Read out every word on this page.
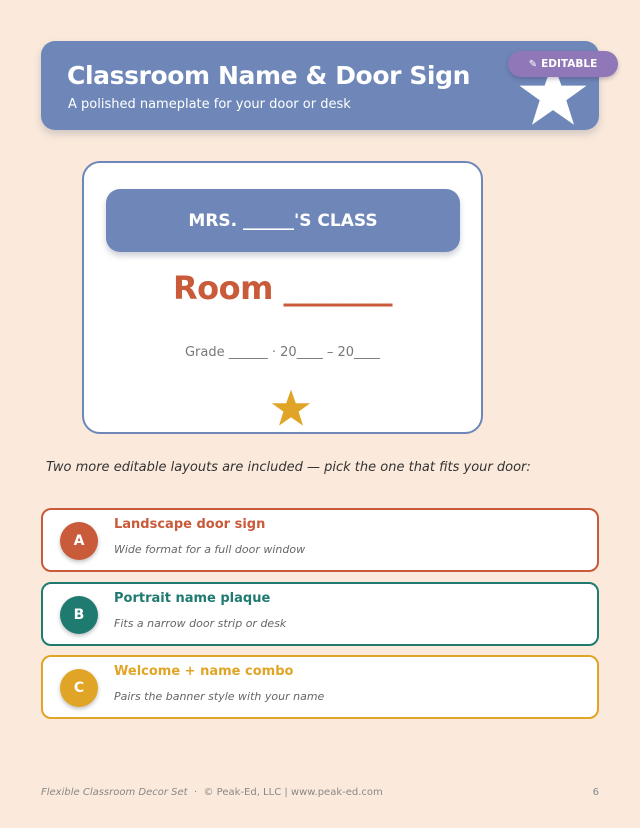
Classroom Name & Door Sign
A polished nameplate for your door or desk
✎ EDITABLE
MRS. ______'S CLASS
Room _______
Grade ______ · 20____ – 20____
Two more editable layouts are included — pick the one that fits your door:
A
Landscape door sign
Wide format for a full door window
B
Portrait name plaque
Fits a narrow door strip or desk
C
Welcome + name combo
Pairs the banner style with your name
Flexible Classroom Decor Set · © Peak-Ed, LLC | www.peak-ed.com	6
